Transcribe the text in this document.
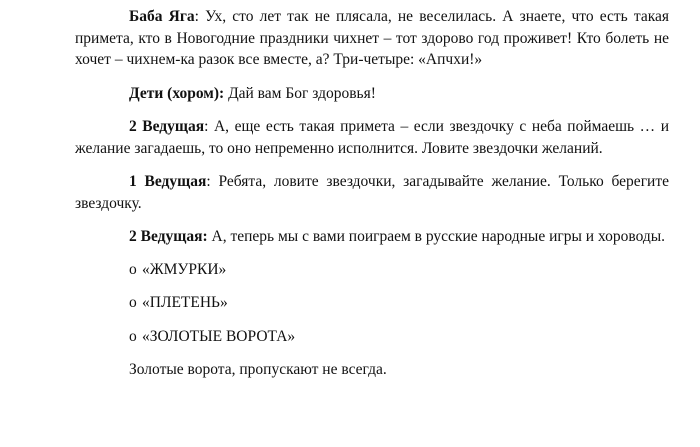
Баба Яга: Ух, сто лет так не плясала, не веселилась. А знаете, что есть такая примета, кто в Новогодние праздники чихнет – тот здорово год проживет! Кто болеть не хочет – чихнем-ка разок все вместе, а? Три-четыре: «Апчхи!»

Дети (хором): Дай вам Бог здоровья!

2 Ведущая: А, еще есть такая примета – если звездочку с неба поймаешь … и желание загадаешь, то оно непременно исполнится. Ловите звездочки желаний.

1 Ведущая: Ребята, ловите звездочки, загадывайте желание. Только берегите звездочку.

2 Ведущая: А, теперь мы с вами поиграем в русские народные игры и хороводы.

o «ЖМУРКИ»

o «ПЛЕТЕНЬ»

o «ЗОЛОТЫЕ ВОРОТА»

Золотые ворота, пропускают не всегда.
